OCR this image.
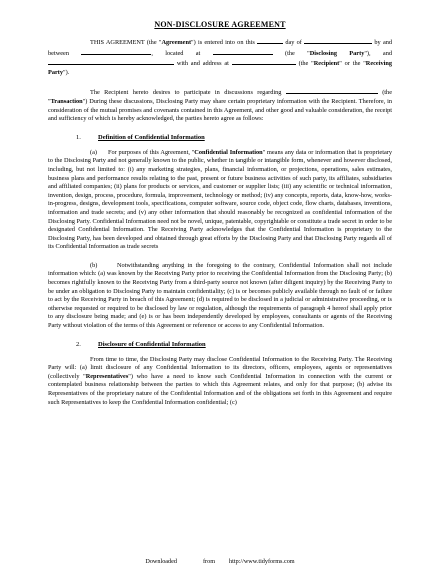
NON-DISCLOSURE AGREEMENT

THIS AGREEMENT (the "Agreement") is entered into on this	day of	by and between	, located at	(the "Disclosing Party"), and  with and address at	(the "Recipient" or the "Receiving Party").

The Recipient hereto desires to participate in discussions regarding	(the "Transaction") During these discussions, Disclosing Party may share certain proprietary information with the Recipient. Therefore, in consideration of the mutual promises and covenants contained in this Agreement, and other good and valuable consideration, the receipt and sufficiency of which is hereby acknowledged, the parties hereto agree as follows:

1.	Definition of Confidential Information

(a) For purposes of this Agreement, "Confidential Information" means any data or information that is proprietary to the Disclosing Party and not generally known to the public, whether in tangible or intangible form, whenever and however disclosed, including, but not limited to: (i) any marketing strategies, plans, financial information, or projections, operations, sales estimates, business plans and performance results relating to the past, present or future business activities of such party, its affiliates, subsidiaries and affiliated companies; (ii) plans for products or services, and customer or supplier lists; (iii) any scientific or technical information, invention, design, process, procedure, formula, improvement, technology or method; (iv) any concepts, reports, data, know-how, works-in-progress, designs, development tools, specifications, computer software, source code, object code, flow charts, databases, inventions, information and trade secrets; and (v) any other information that should reasonably be recognized as confidential information of the Disclosing Party. Confidential Information need not be novel, unique, patentable, copyrightable or constitute a trade secret in order to be designated Confidential Information. The Receiving Party acknowledges that the Confidential Information is proprietary to the Disclosing Party, has been developed and obtained through great efforts by the Disclosing Party and that Disclosing Party regards all of its Confidential Information as trade secrets

(b)	Notwithstanding anything in the foregoing to the contrary, Confidential Information shall not include information which: (a) was known by the Receiving Party prior to receiving the Confidential Information from the Disclosing Party; (b) becomes rightfully known to the Receiving Party from a third-party source not known (after diligent inquiry) by the Receiving Party to be under an obligation to Disclosing Party to maintain confidentiality; (c) is or becomes publicly available through no fault of or failure to act by the Receiving Party in breach of this Agreement; (d) is required to be disclosed in a judicial or administrative proceeding, or is otherwise requested or required to be disclosed by law or regulation, although the requirements of paragraph 4 hereof shall apply prior to any disclosure being made; and (e) is or has been independently developed by employees, consultants or agents of the Receiving Party without violation of the terms of this Agreement or reference or access to any Confidential Information.

2.	Disclosure of Confidential Information

From time to time, the Disclosing Party may disclose Confidential Information to the Receiving Party. The Receiving Party will: (a) limit disclosure of any Confidential Information to its directors, officers, employees, agents or representatives (collectively "Representatives") who have a need to know such Confidential Information in connection with the current or contemplated business relationship between the parties to which this Agreement relates, and only for that purpose; (b) advise its Representatives of the proprietary nature of the Confidential Information and of the obligations set forth in this Agreement and require such Representatives to keep the Confidential Information confidential; (c)

Downloaded	from http://www.tidyforms.com
